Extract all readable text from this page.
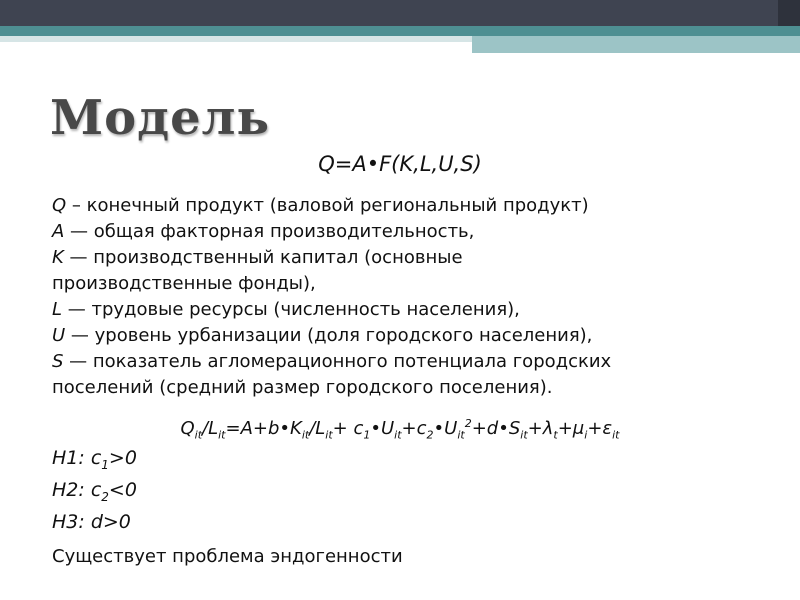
Модель
Q=A•F(K,L,U,S)
Q – конечный продукт (валовой региональный продукт)
A — общая факторная производительность,
K — производственный капитал (основные
производственные фонды),
L — трудовые ресурсы (численность населения),
U — уровень урбанизации (доля городского населения),
S — показатель агломерационного потенциала городских
поселений (средний размер городского поселения).
$Q_{it}/L_{it}=A+b•K_{it}/L_{it}+$ $c_1•U_{it}+c_2•U_{it}^2+d•S_{it}+\lambda_t+\mu_i+\varepsilon_{it}$
H1: $c_1>0$
H2: $c_2<0$
H3: d>0
Существует проблема эндогенности
